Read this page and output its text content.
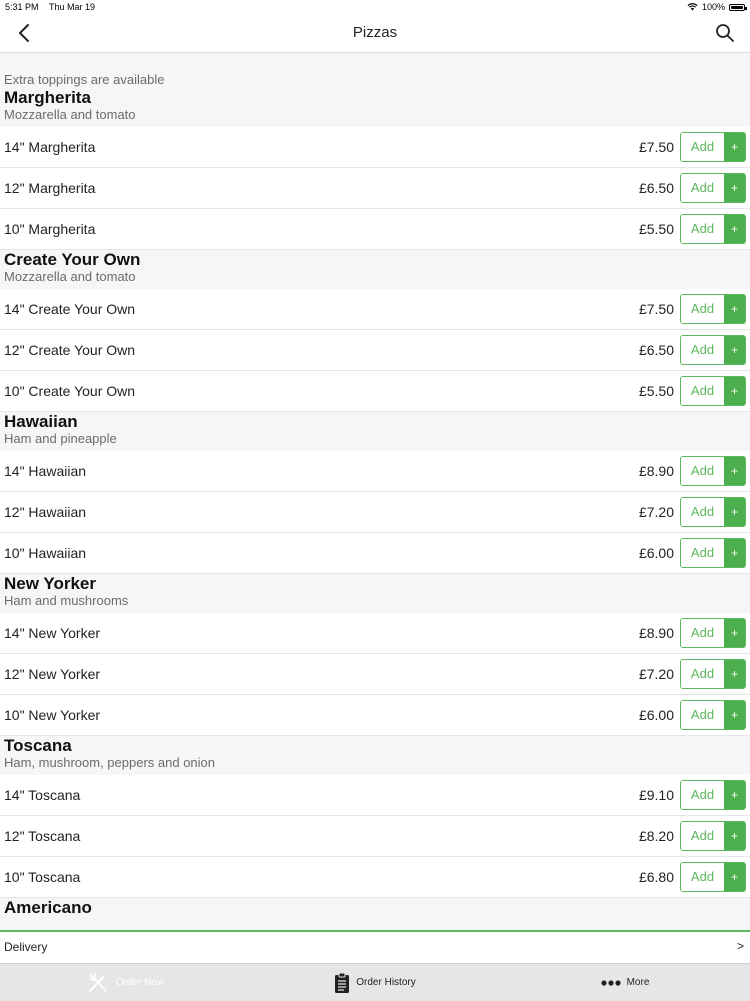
5:31 PM Thu Mar 19	100%
Pizzas
Extra toppings are available
Margherita
Mozzarella and tomato
14" Margherita	£7.50	Add	+
12" Margherita	£6.50	Add	+
10" Margherita	£5.50	Add	+
Create Your Own
Mozzarella and tomato
14" Create Your Own	£7.50	Add	+
12" Create Your Own	£6.50	Add	+
10" Create Your Own	£5.50	Add	+
Hawaiian
Ham and pineapple
14" Hawaiian	£8.90	Add	+
12" Hawaiian	£7.20	Add	+
10" Hawaiian	£6.00	Add	+
New Yorker
Ham and mushrooms
14" New Yorker	£8.90	Add	+
12" New Yorker	£7.20	Add	+
10" New Yorker	£6.00	Add	+
Toscana
Ham, mushroom, peppers and onion
14" Toscana	£9.10	Add	+
12" Toscana	£8.20	Add	+
10" Toscana	£6.80	Add	+
Americano
Delivery	>
Order Now	Order History	More
